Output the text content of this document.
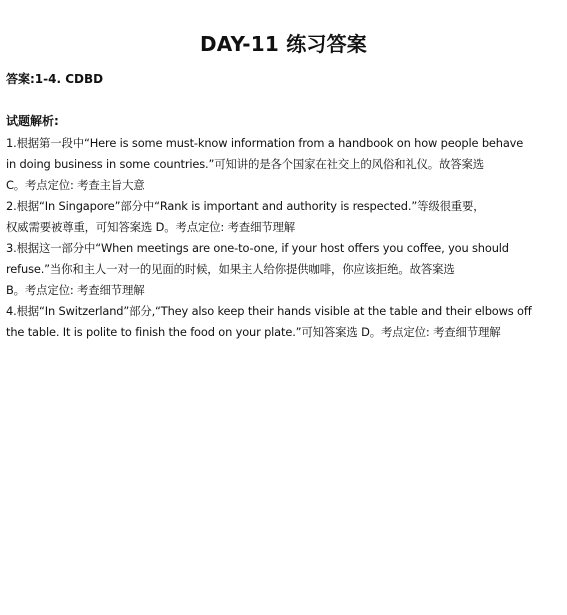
DAY-11 练习答案
答案:1-4. CDBD
试题解析:
1.根据第一段中“Here is some must-know information from a handbook on how people behave
in doing business in some countries.”可知讲的是各个国家在社交上的风俗和礼仪。故答案选
C。考点定位: 考查主旨大意
2.根据“In Singapore”部分中“Rank is important and authority is respected.”等级很重要，
权威需要被尊重，可知答案选 D。考点定位: 考查细节理解
3.根据这一部分中“When meetings are one-to-one, if your host offers you coffee, you should
refuse.”当你和主人一对一的见面的时候，如果主人给你提供咖啡，你应该拒绝。故答案选
B。考点定位: 考查细节理解
4.根据“In Switzerland”部分,“They also keep their hands visible at the table and their elbows off
the table. It is polite to finish the food on your plate.”可知答案选 D。考点定位: 考查细节理解
